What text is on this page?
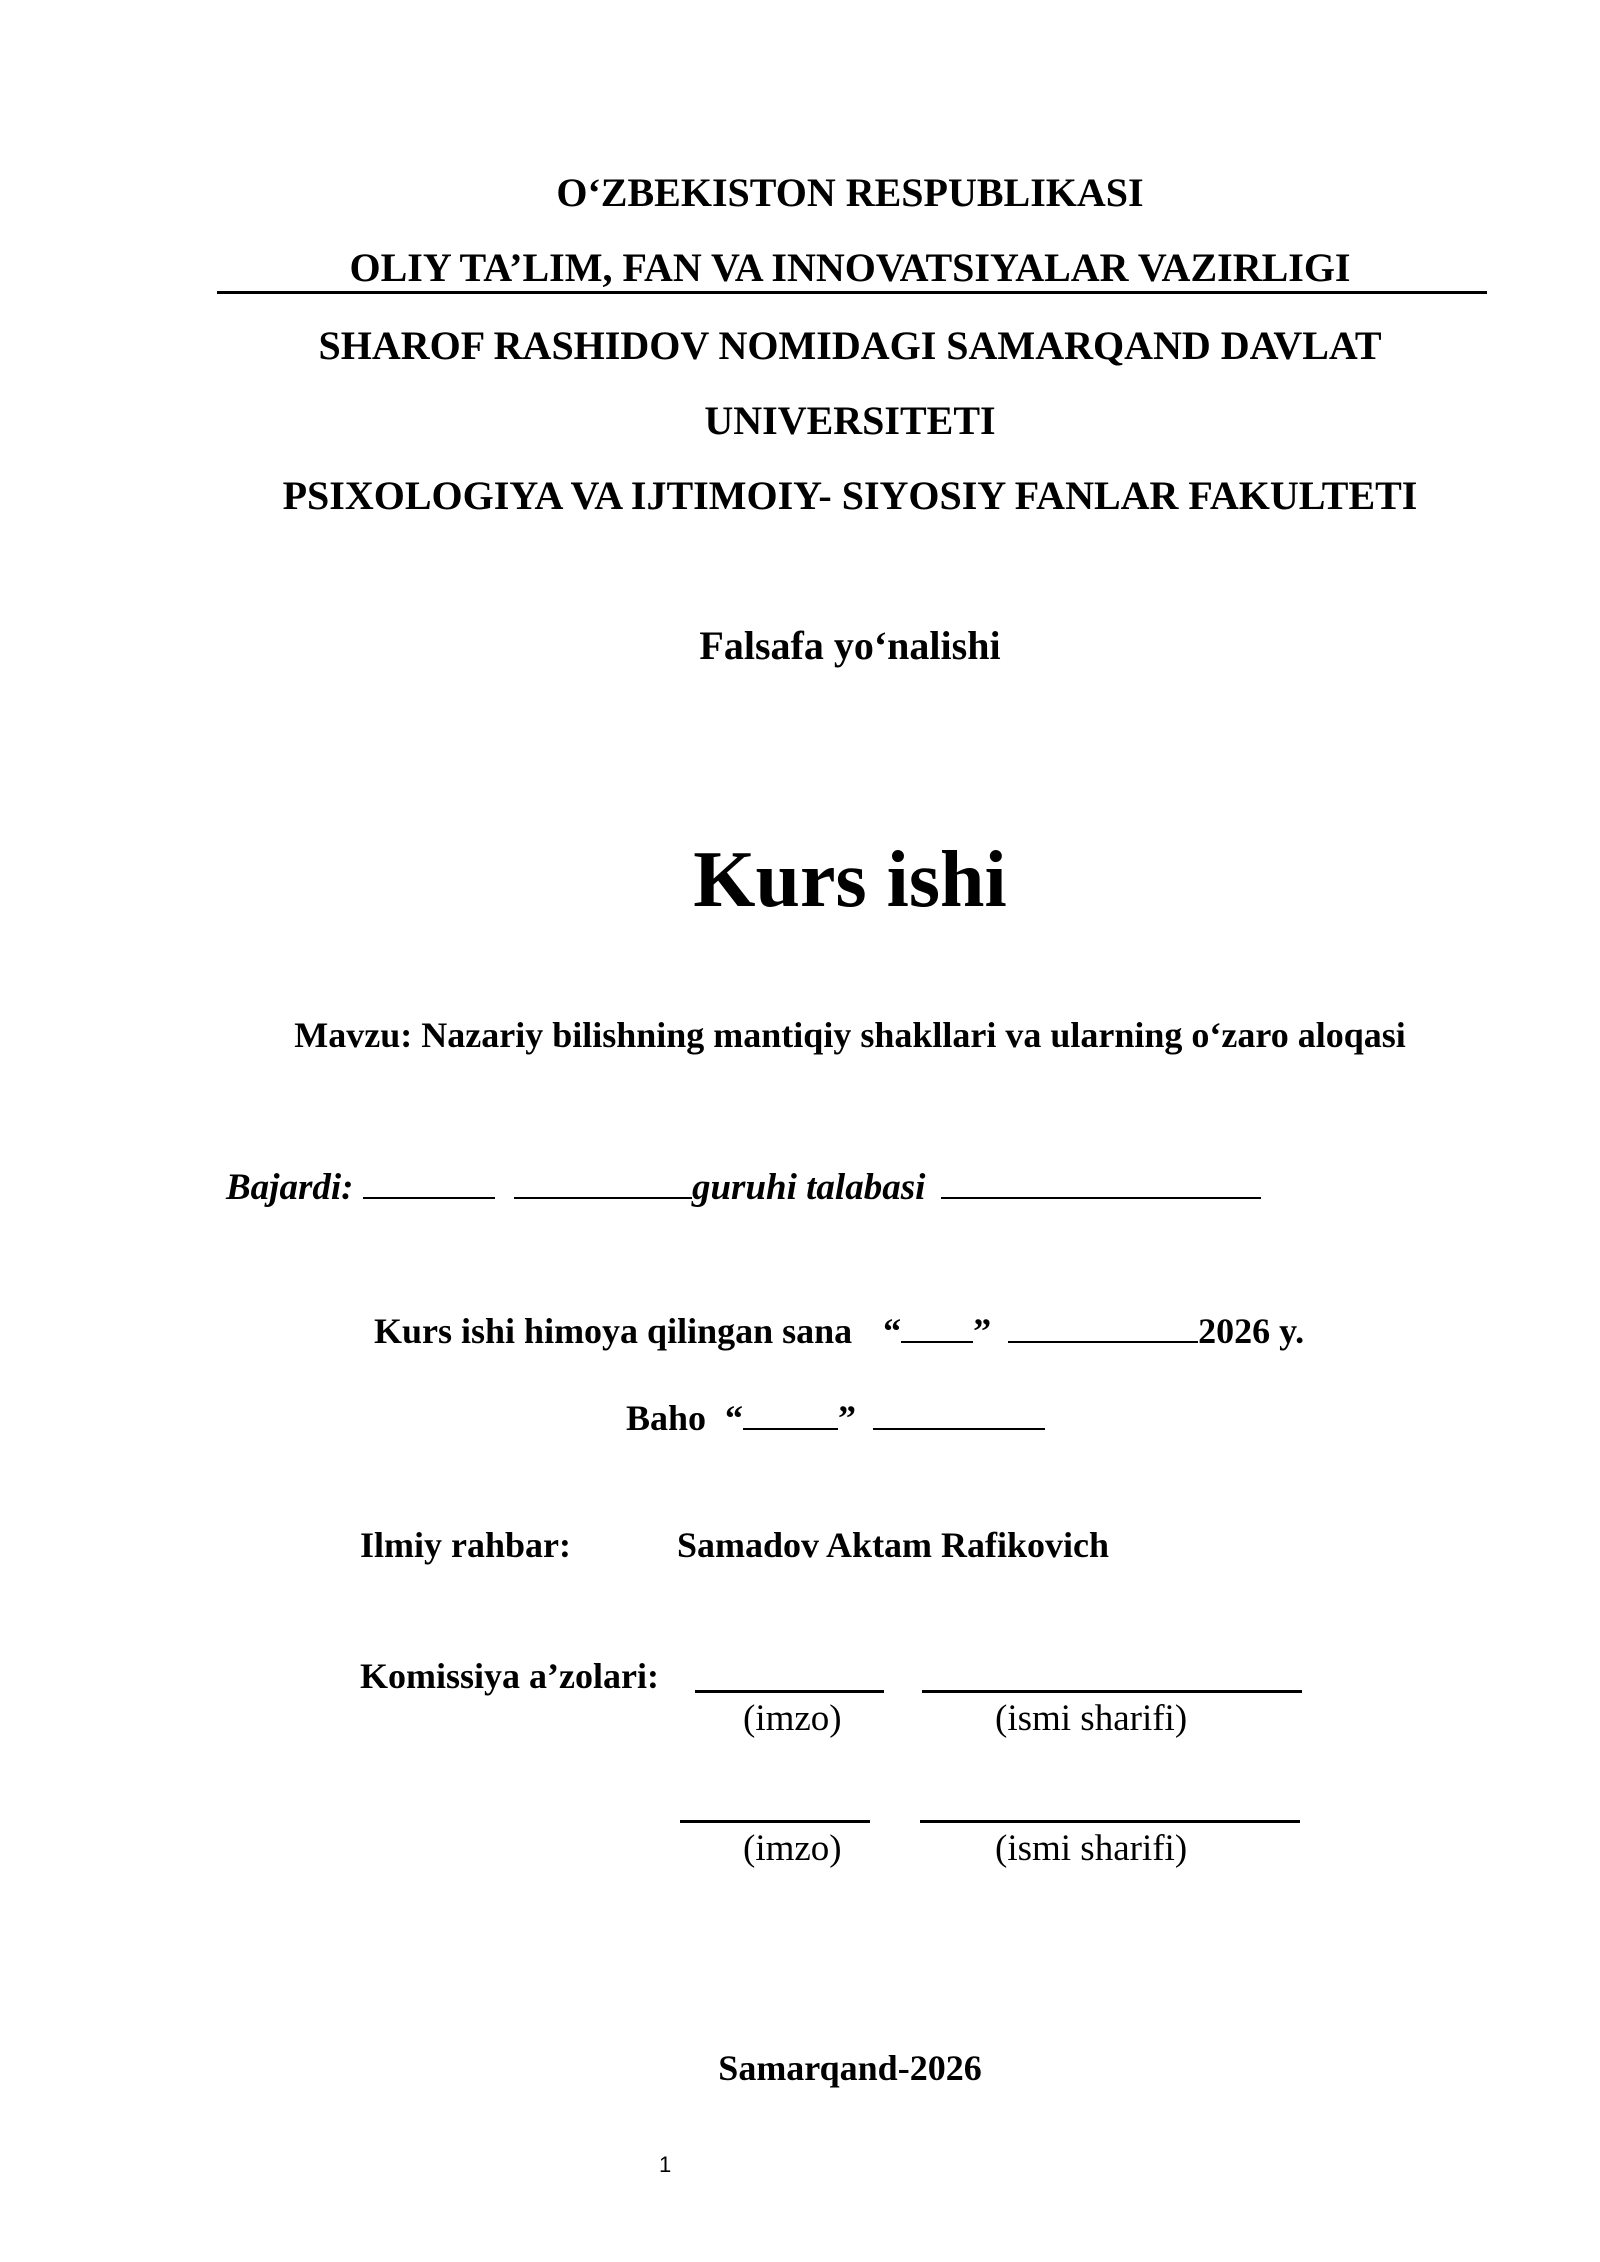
O‘ZBEKISTON RESPUBLIKASI
OLIY TA’LIM, FAN VA INNOVATSIYALAR VAZIRLIGI
SHAROF RASHIDOV NOMIDAGI SAMARQAND DAVLAT
UNIVERSITETI
PSIXOLOGIYA VA IJTIMOIY- SIYOSIY FANLAR FAKULTETI
Falsafa yo‘nalishi
Kurs ishi
Mavzu: Nazariy bilishning mantiqiy shakllari va ularning o‘zaro aloqasi
Bajardi:	guruhi talabasi
Kurs ishi himoya qilingan sana “ ”	2026 y.
Baho “	”
Ilmiy rahbar:	Samadov Aktam Rafikovich
Komissiya a’zolari:
(imzo)	(ismi sharifi)
(imzo)	(ismi sharifi)
Samarqand-2026
1
